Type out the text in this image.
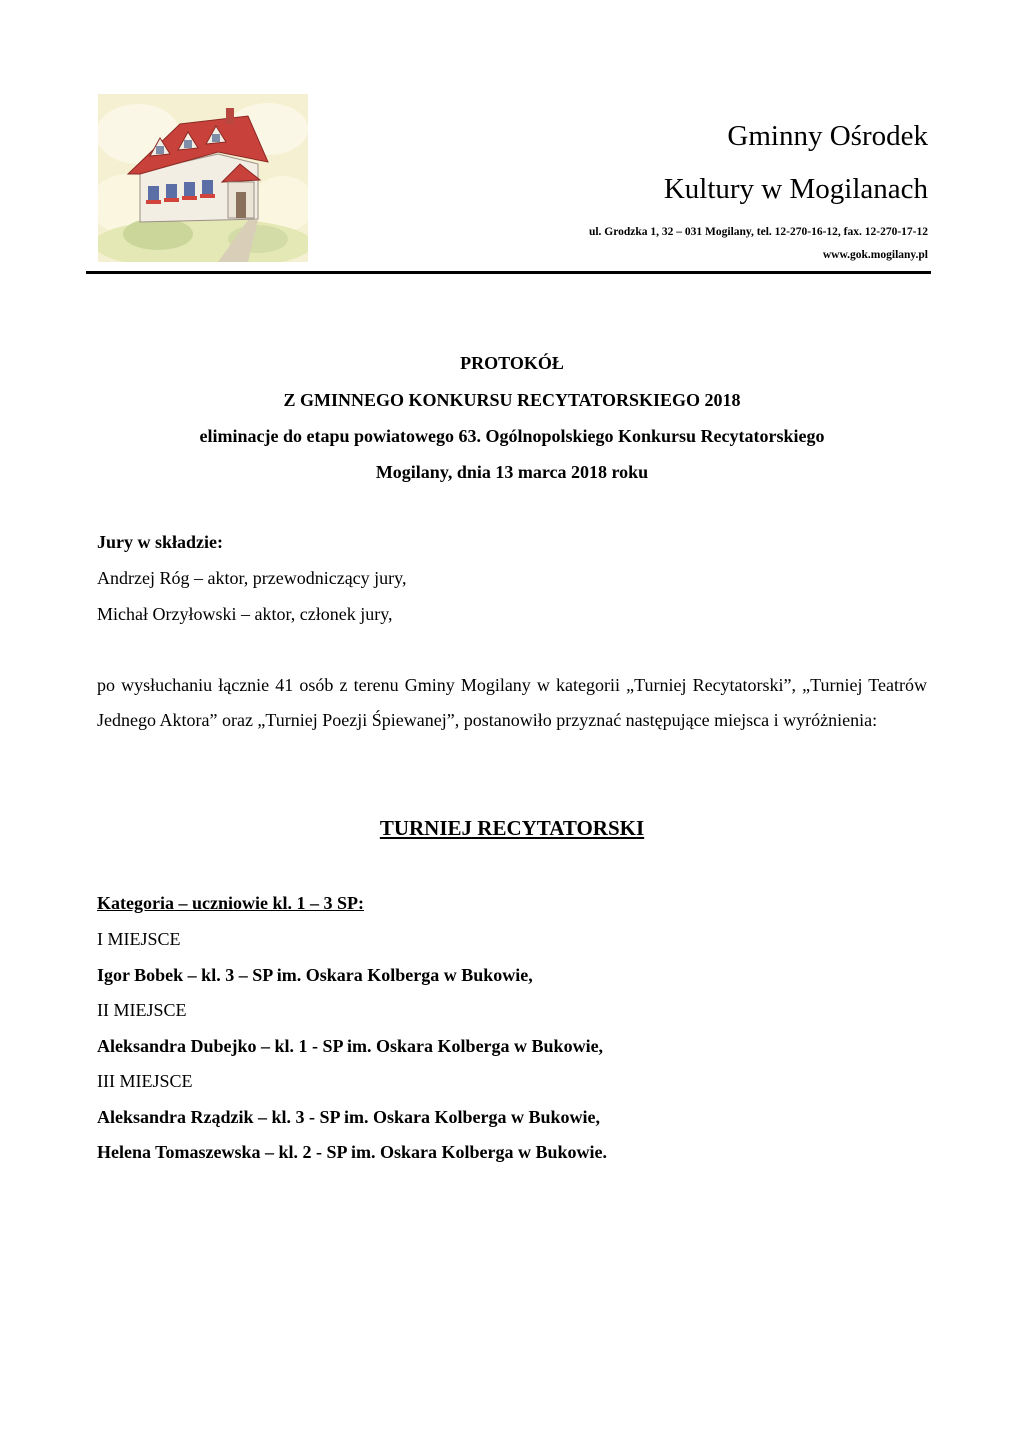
Gminny Ośrodek
Kultury w Mogilanach
ul. Grodzka 1, 32 – 031 Mogilany, tel. 12-270-16-12, fax. 12-270-17-12
www.gok.mogilany.pl
PROTOKÓŁ
Z GMINNEGO KONKURSU RECYTATORSKIEGO 2018
eliminacje do etapu powiatowego 63. Ogólnopolskiego Konkursu Recytatorskiego
Mogilany, dnia 13 marca 2018 roku
Jury w składzie:
Andrzej Róg – aktor, przewodniczący jury,
Michał Orzyłowski – aktor, członek jury,
po wysłuchaniu łącznie 41 osób z terenu Gminy Mogilany w kategorii „Turniej Recytatorski”, „Turniej Teatrów Jednego Aktora” oraz „Turniej Poezji Śpiewanej”, postanowiło przyznać następujące miejsca i wyróżnienia:
TURNIEJ RECYTATORSKI
Kategoria – uczniowie kl. 1 – 3 SP:
I MIEJSCE
Igor Bobek – kl. 3 – SP im. Oskara Kolberga w Bukowie,
II MIEJSCE
Aleksandra Dubejko – kl. 1 - SP im. Oskara Kolberga w Bukowie,
III MIEJSCE
Aleksandra Rządzik – kl. 3 - SP im. Oskara Kolberga w Bukowie,
Helena Tomaszewska – kl. 2 - SP im. Oskara Kolberga w Bukowie.
